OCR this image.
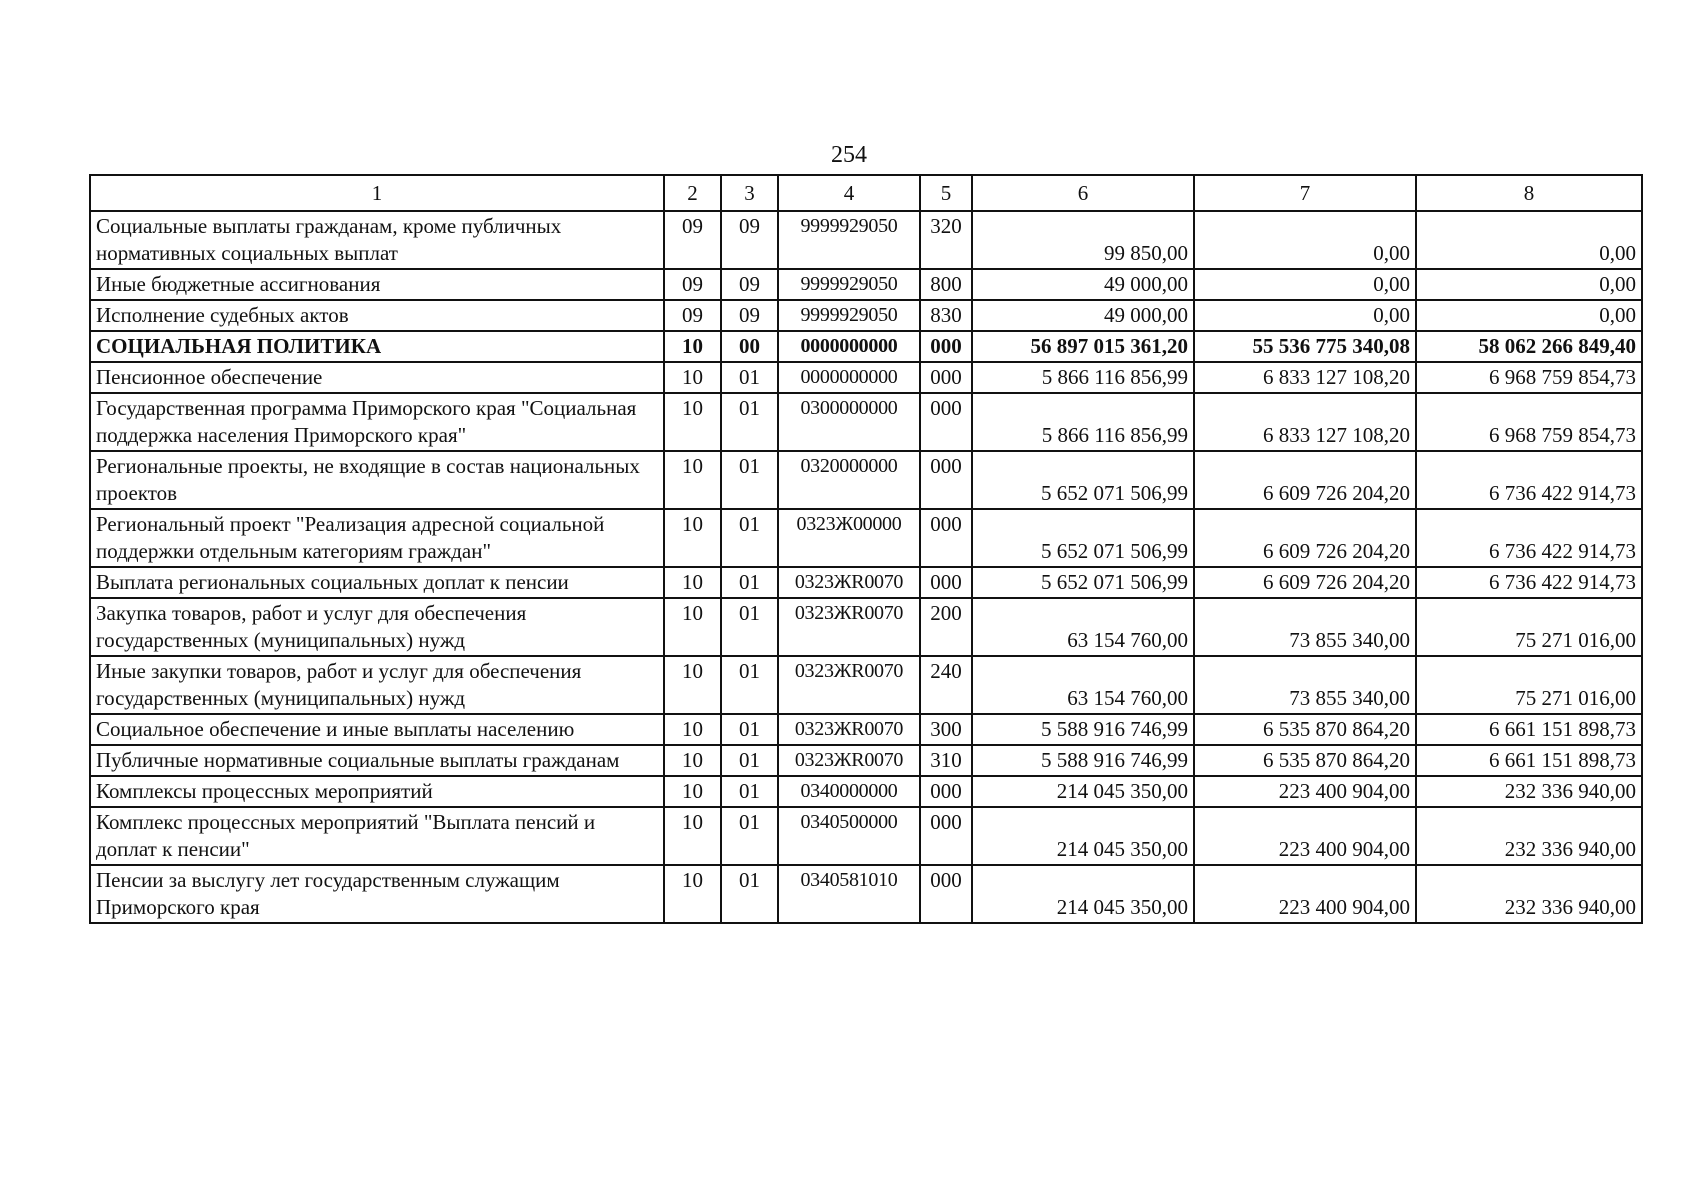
254
1	2	3	4	5	6	7	8
Социальные выплаты гражданам, кроме публичных нормативных социальных выплат	09	09	9999929050	320	99 850,00	0,00	0,00
Иные бюджетные ассигнования	09	09	9999929050	800	49 000,00	0,00	0,00
Исполнение судебных актов	09	09	9999929050	830	49 000,00	0,00	0,00
СОЦИАЛЬНАЯ ПОЛИТИКА	10	00	0000000000	000	56 897 015 361,20	55 536 775 340,08	58 062 266 849,40
Пенсионное обеспечение	10	01	0000000000	000	5 866 116 856,99	6 833 127 108,20	6 968 759 854,73
Государственная программа Приморского края "Социальная поддержка населения Приморского края"	10	01	0300000000	000	5 866 116 856,99	6 833 127 108,20	6 968 759 854,73
Региональные проекты, не входящие в состав национальных проектов	10	01	0320000000	000	5 652 071 506,99	6 609 726 204,20	6 736 422 914,73
Региональный проект "Реализация адресной социальной поддержки отдельным категориям граждан"	10	01	0323Ж00000	000	5 652 071 506,99	6 609 726 204,20	6 736 422 914,73
Выплата региональных социальных доплат к пенсии	10	01	0323ЖR0070	000	5 652 071 506,99	6 609 726 204,20	6 736 422 914,73
Закупка товаров, работ и услуг для обеспечения государственных (муниципальных) нужд	10	01	0323ЖR0070	200	63 154 760,00	73 855 340,00	75 271 016,00
Иные закупки товаров, работ и услуг для обеспечения государственных (муниципальных) нужд	10	01	0323ЖR0070	240	63 154 760,00	73 855 340,00	75 271 016,00
Социальное обеспечение и иные выплаты населению	10	01	0323ЖR0070	300	5 588 916 746,99	6 535 870 864,20	6 661 151 898,73
Публичные нормативные социальные выплаты гражданам	10	01	0323ЖR0070	310	5 588 916 746,99	6 535 870 864,20	6 661 151 898,73
Комплексы процессных мероприятий	10	01	0340000000	000	214 045 350,00	223 400 904,00	232 336 940,00
Комплекс процессных мероприятий "Выплата пенсий и доплат к пенсии"	10	01	0340500000	000	214 045 350,00	223 400 904,00	232 336 940,00
Пенсии за выслугу лет государственным служащим Приморского края	10	01	0340581010	000	214 045 350,00	223 400 904,00	232 336 940,00
